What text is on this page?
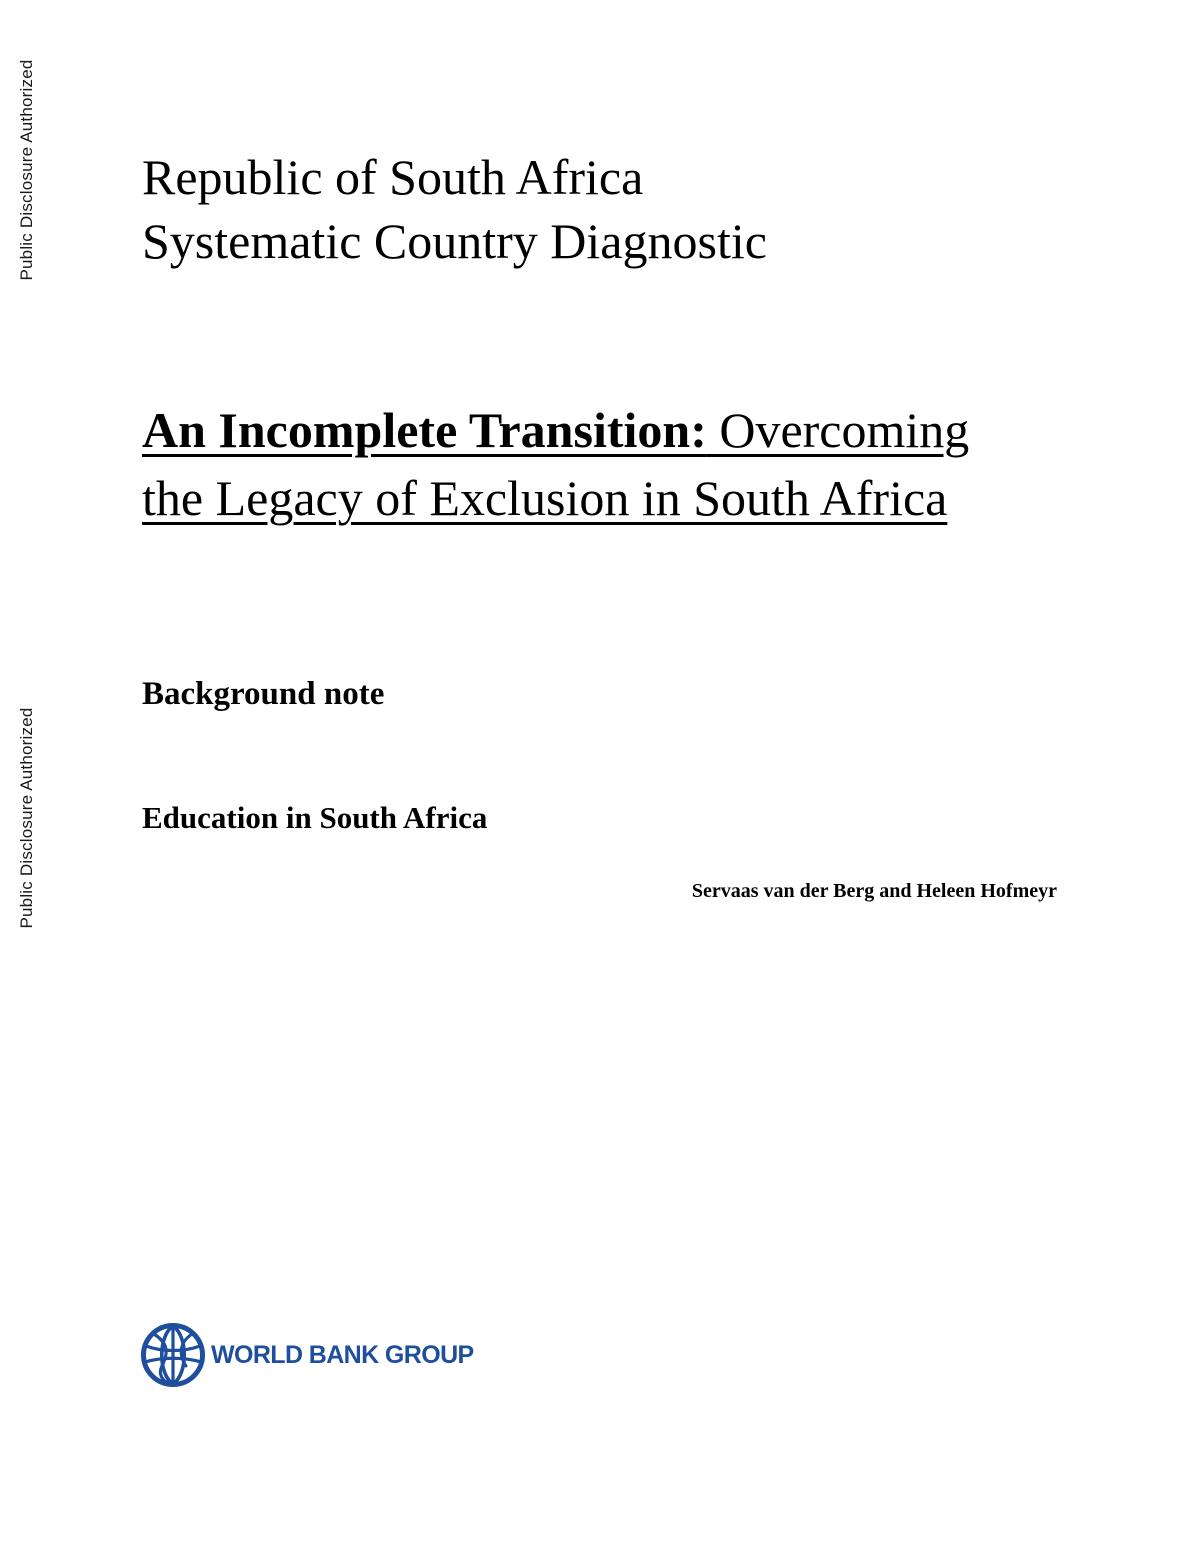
Public Disclosure Authorized
Public Disclosure Authorized
Republic of South Africa
Systematic Country Diagnostic
An Incomplete Transition: Overcoming
the Legacy of Exclusion in South Africa

Background note

Education in South Africa

Servaas van der Berg and Heleen Hofmeyr

WORLD BANK GROUP
